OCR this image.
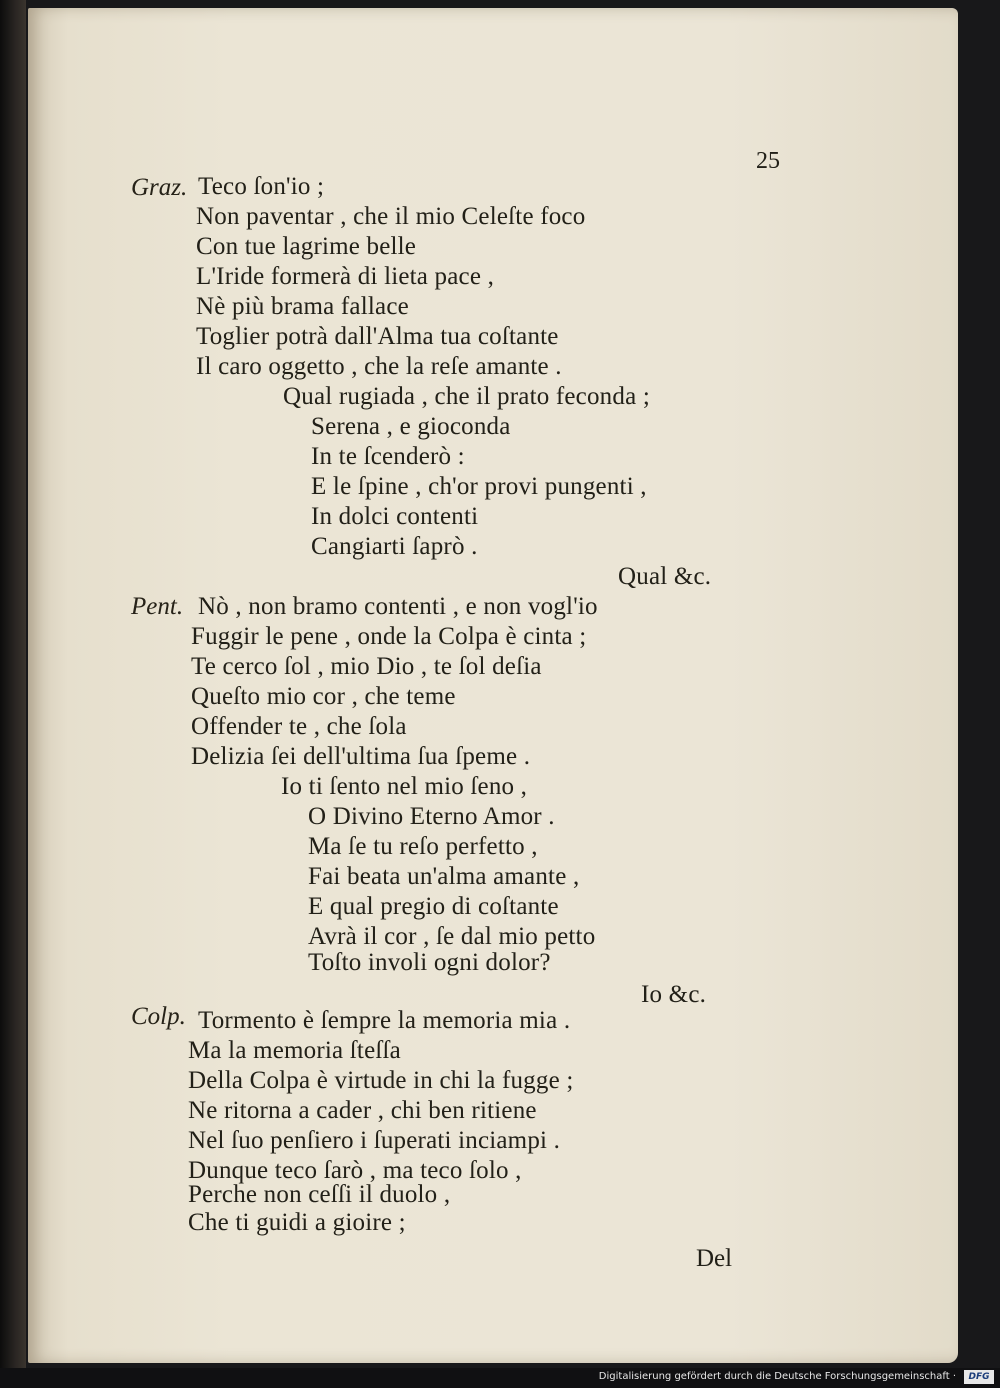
25
Graz. Teco ſon'io ;
Non paventar , che il mio Celeſte foco
Con tue lagrime belle
L'Iride formerà di lieta pace ,
Nè più brama fallace
Toglier potrà dall'Alma tua coſtante
Il caro oggetto , che la reſe amante .
Qual rugiada , che il prato feconda ;
Serena , e gioconda
In te ſcenderò :
E le ſpine , ch'or provi pungenti ,
In dolci contenti
Cangiarti ſaprò .
Qual &c.
Pent. Nò , non bramo contenti , e non vogl'io
Fuggir le pene , onde la Colpa è cinta ;
Te cerco ſol , mio Dio , te ſol deſia
Queſto mio cor , che teme
Offender te , che ſola
Delizia ſei dell'ultima ſua ſpeme .
Io ti ſento nel mio ſeno ,
O Divino Eterno Amor .
Ma ſe tu reſo perfetto ,
Fai beata un'alma amante ,
E qual pregio di coſtante
Avrà il cor , ſe dal mio petto
Toſto involi ogni dolor?
Io &c.
Colp. Tormento è ſempre la memoria mia .
Ma la memoria ſteſſa
Della Colpa è virtude in chi la fugge ;
Ne ritorna a cader , chi ben ritiene
Nel ſuo penſiero i ſuperati inciampi .
Dunque teco ſarò , ma teco ſolo ,
Perche non ceſſi il duolo ,
Che ti guidi a gioire ;
Del
Digitalisierung gefördert durch die Deutsche Forschungsgemeinschaft ·	DFG
